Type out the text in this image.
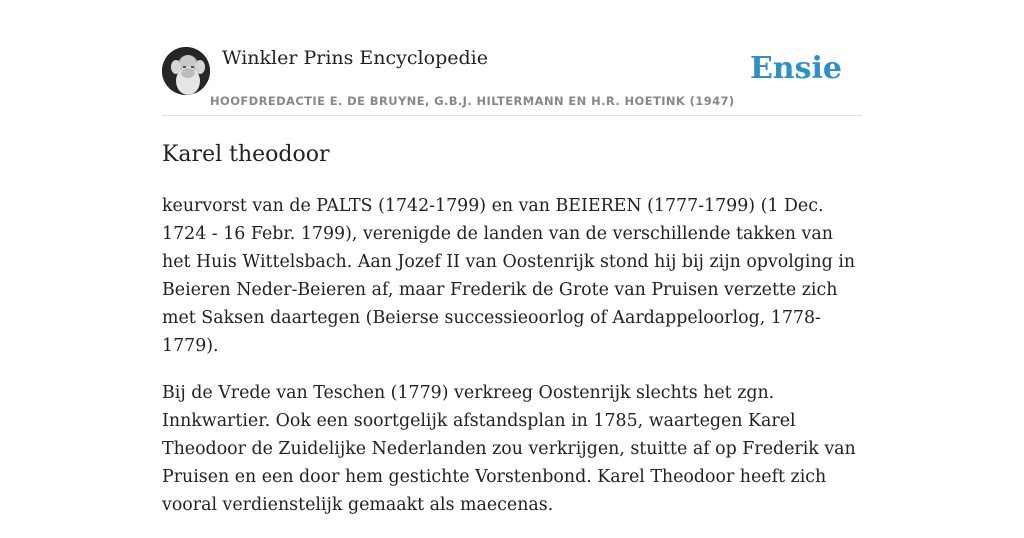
Winkler Prins Encyclopedie
HOOFDREDACTIE E. DE BRUYNE, G.B.J. HILTERMANN EN H.R. HOETINK (1947)
Ensie
Karel theodoor

keurvorst van de PALTS (1742-1799) en van BEIEREN (1777-1799) (1 Dec. 1724 - 16 Febr. 1799), verenigde de landen van de verschillende takken van het Huis Wittelsbach. Aan Jozef II van Oostenrijk stond hij bij zijn opvolging in Beieren Neder-Beieren af, maar Frederik de Grote van Pruisen verzette zich met Saksen daartegen (Beierse successieoorlog of Aardappeloorlog, 1778-1779).

Bij de Vrede van Teschen (1779) verkreeg Oostenrijk slechts het zgn. Innkwartier. Ook een soortgelijk afstandsplan in 1785, waartegen Karel Theodoor de Zuidelijke Nederlanden zou verkrijgen, stuitte af op Frederik van Pruisen en een door hem gestichte Vorstenbond. Karel Theodoor heeft zich vooral verdienstelijk gemaakt als maecenas.
